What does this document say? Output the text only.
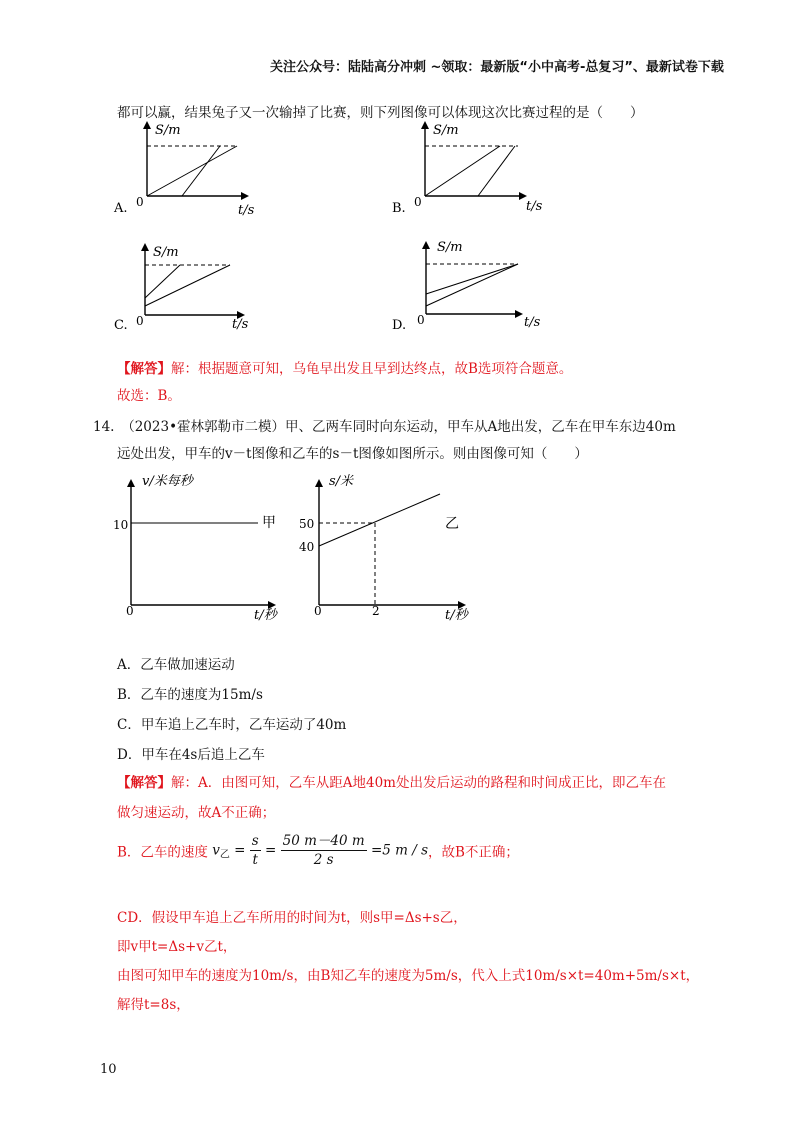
关注公众号：陆陆高分冲刺 ~领取：最新版“小中高考-总复习”、最新试卷下载
都可以赢，结果兔子又一次输掉了比赛，则下列图像可以体现这次比赛过程的是（　　）
A. 0
S/m
t/s	B. 0
S/m
t/s
C. 0
S/m
t/s	D. 0
S/m
t/s
【解答】解：根据题意可知，乌龟早出发且早到达终点，故B选项符合题意。
故选：B。
14.　（2023•霍林郭勒市二模）甲、乙两车同时向东运动，甲车从A地出发，乙车在甲车东边40m
远处出发，甲车的v－t图像和乙车的s－t图像如图所示。则由图像可知（　　）
v/米每秒
t/秒
0
10	甲
s/米
t/秒
0
50
40
2
乙
A．乙车做加速运动
B．乙车的速度为15m/s
C．甲车追上乙车时，乙车运动了40m
D．甲车在4s后追上乙车
【解答】解：A．由图可知，乙车从距A地40m处出发后运动的路程和时间成正比，即乙车在
做匀速运动，故A不正确；
B．乙车的速度 $v_乙 = \frac{s}{t} = \frac{50 m-40 m}{2 s} =5$ m / s，故B不正确；
CD．假设甲车追上乙车所用的时间为t，则s甲=Δs+s乙，
即v甲t=Δs+v乙t，
由图可知甲车的速度为10m/s，由B知乙车的速度为5m/s，代入上式10m/s×t=40m+5m/s×t，
解得t=8s，
10
